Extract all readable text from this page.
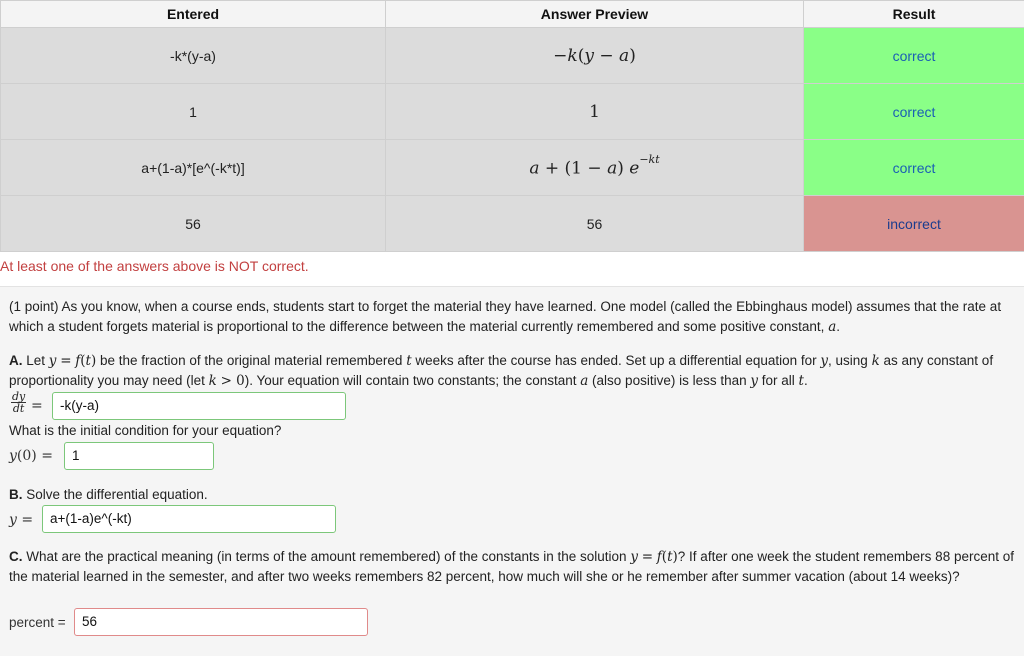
Entered	Answer Preview	Result
-k*(y-a)	−k(y − a)	correct
1	1	correct
a+(1-a)*[e^(-k*t)]	a + (1 − a) $e^{-kt}$	correct
56	56	incorrect
At least one of the answers above is NOT correct.
(1 point) As you know, when a course ends, students start to forget the material they have learned. One model (called the Ebbinghaus model) assumes that the rate at which a student forgets material is proportional to the difference between the material currently remembered and some positive constant, a.
A. Let y = f(t) be the fraction of the original material remembered t weeks after the course has ended. Set up a differential equation for y, using k as any constant of proportionality you may need (let k > 0). Your equation will contain two constants; the constant a (also positive) is less than y for all t.
$\frac{dy}{dt}$ =	-k(y-a)
What is the initial condition for your equation?
y(0) =	1
B. Solve the differential equation.
y =	a+(1-a)e^(-kt)
C. What are the practical meaning (in terms of the amount remembered) of the constants in the solution y = f(t)? If after one week the student remembers 88 percent of the material learned in the semester, and after two weeks remembers 82 percent, how much will she or he remember after summer vacation (about 14 weeks)?
percent =	56
